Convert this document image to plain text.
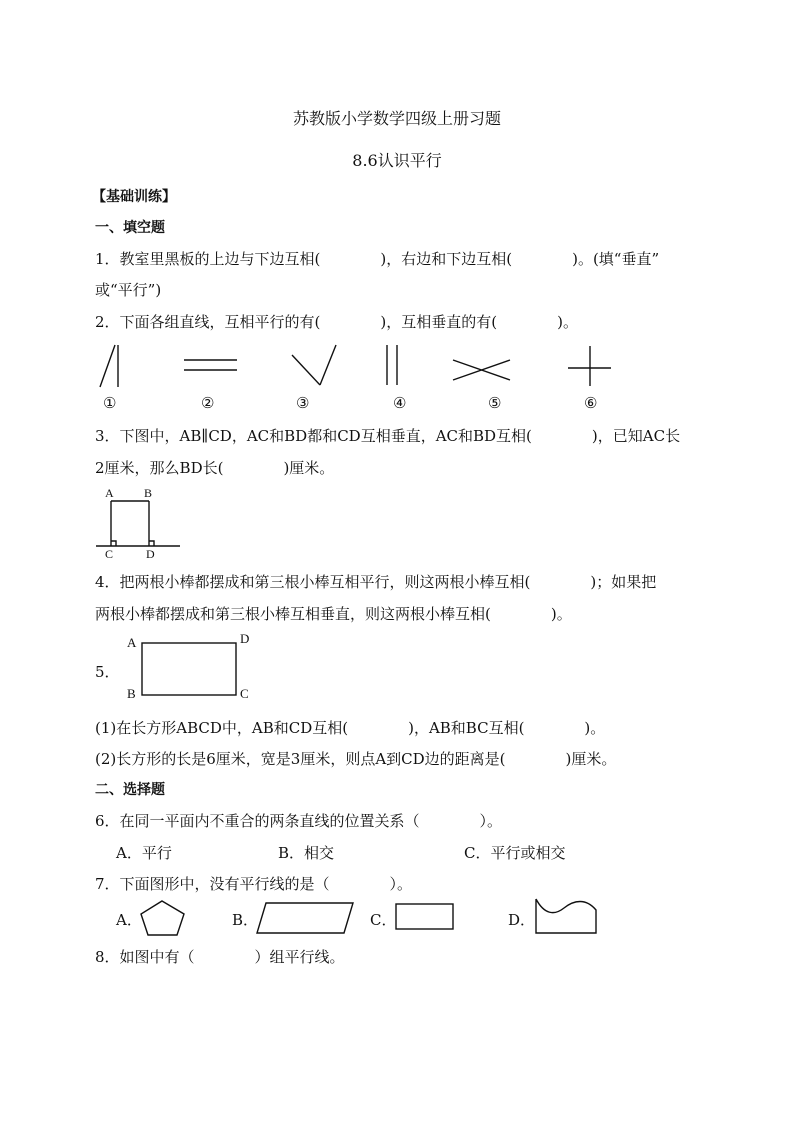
苏教版小学数学四级上册习题
8.6认识平行
【基础训练】
一、填空题
1．教室里黑板的上边与下边互相(　　　　)，右边和下边互相(　　　　)。(填“垂直”
或“平行”)
2．下面各组直线，互相平行的有(　　　　)，互相垂直的有(　　　　)。
①	②	③	④	⑤	⑥
3．下图中，AB∥CD，AC和BD都和CD互相垂直，AC和BD互相(　　　　)，已知AC长
2厘米，那么BD长(　　　　)厘米。
A	B
C	D
4．把两根小棒都摆成和第三根小棒互相平行，则这两根小棒互相(　　　　)；如果把
两根小棒都摆成和第三根小棒互相垂直，则这两根小棒互相(　　　　)。
5．
A	D
B	C
(1)在长方形ABCD中，AB和CD互相(　　　　)，AB和BC互相(　　　　)。
(2)长方形的长是6厘米，宽是3厘米，则点A到CD边的距离是(　　　　)厘米。
二、选择题
6．在同一平面内不重合的两条直线的位置关系（　　　　）。
A．平行	B．相交	C．平行或相交
7．下面图形中，没有平行线的是（　　　　）。
A．	B．	C．	D．
8．如图中有（　　　　）组平行线。
